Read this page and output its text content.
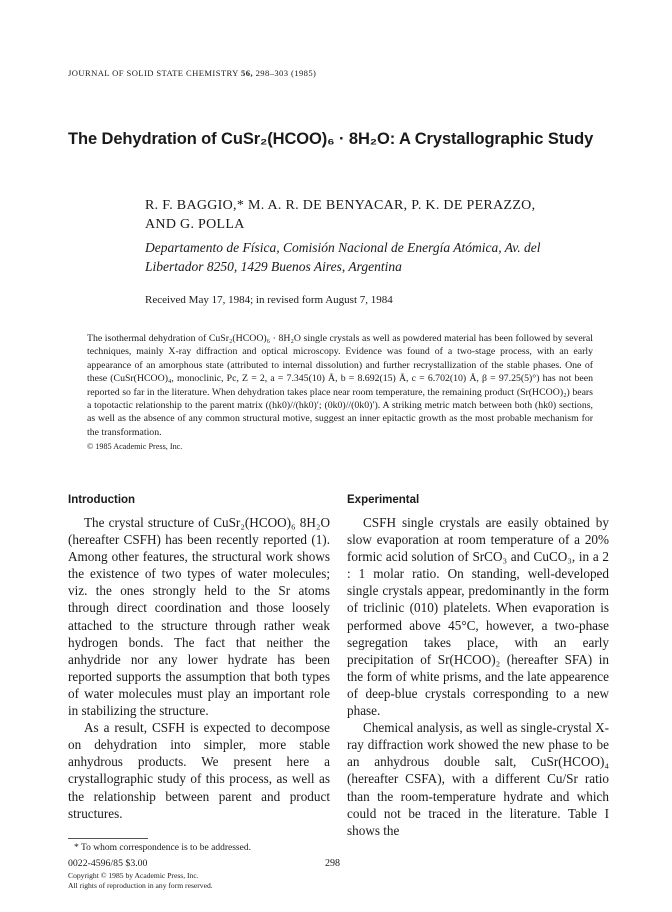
JOURNAL OF SOLID STATE CHEMISTRY 56, 298–303 (1985)
The Dehydration of CuSr₂(HCOO)₆ · 8H₂O: A Crystallographic Study
R. F. BAGGIO,* M. A. R. DE BENYACAR, P. K. DE PERAZZO,
AND G. POLLA
Departamento de Física, Comisión Nacional de Energía Atómica, Av. del
Libertador 8250, 1429 Buenos Aires, Argentina
Received May 17, 1984; in revised form August 7, 1984

The isothermal dehydration of CuSr₂(HCOO)₆ · 8H₂O single crystals as well as powdered material has been followed by several techniques, mainly X-ray diffraction and optical microscopy. Evidence was found of a two-stage process, with an early appearance of an amorphous state (attributed to internal dissolution) and further recrystallization of the stable phases. One of these (CuSr(HCOO)₄, monoclinic, Pc, Z = 2, a = 7.345(10) Å, b = 8.692(15) Å, c = 6.702(10) Å, β = 97.25(5)°) has not been reported so far in the literature. When dehydration takes place near room temperature, the remaining product (Sr(HCOO)₂) bears a topotactic relationship to the parent matrix ((hk0)//(hk0)′; (0k0)//(0k0)′). A striking metric match between both (hk0) sections, as well as the absence of any common structural motive, suggest an inner epitactic growth as the most probable mechanism for the transformation.

© 1985 Academic Press, Inc.

Introduction	Experimental

The crystal structure of CuSr₂(HCOO)₆ 8H₂O (hereafter CSFH) has been recently reported (1). Among other features, the structural work shows the existence of two types of water molecules; viz. the ones strongly held to the Sr atoms through direct coordination and those loosely attached to the structure through rather weak hydrogen bonds. The fact that neither the anhydride nor any lower hydrate has been reported supports the assumption that both types of water molecules must play an important role in stabilizing the structure.

As a result, CSFH is expected to decompose on dehydration into simpler, more stable anhydrous products. We present here a crystallographic study of this process, as well as the relationship between parent and product structures.

CSFH single crystals are easily obtained by slow evaporation at room temperature of a 20% formic acid solution of SrCO₃ and CuCO₃, in a 2 : 1 molar ratio. On standing, well-developed single crystals appear, predominantly in the form of triclinic (010) platelets. When evaporation is performed above 45°C, however, a two-phase segregation takes place, with an early precipitation of Sr(HCOO)₂ (hereafter SFA) in the form of white prisms, and the late appearence of deep-blue crystals corresponding to a new phase.

Chemical analysis, as well as single-crystal X-ray diffraction work showed the new phase to be an anhydrous double salt, CuSr(HCOO)₄ (hereafter CSFA), with a different Cu/Sr ratio than the room-temperature hydrate and which could not be traced in the literature. Table I shows the

* To whom correspondence is to be addressed.
0022-4596/85 $3.00	298
Copyright © 1985 by Academic Press, Inc.
All rights of reproduction in any form reserved.
